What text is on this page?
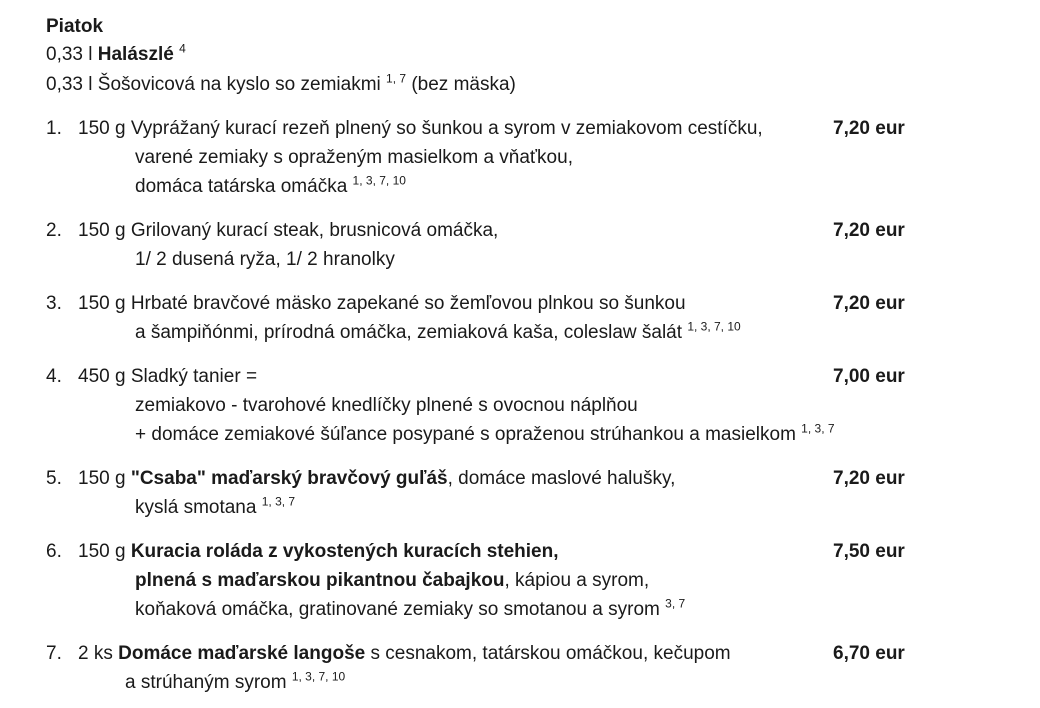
Piatok
0,33 l Halászlé $^4$
0,33 l Šošovicová na kyslo so zemiakmi $^{1, 7}$ (bez mäska)
1. 150 g Vyprážaný kurací rezeň plnený so šunkou a syrom v zemiakovom cestíčku,	7,20 eur
varené zemiaky s opraženým masielkom a vňaťkou,
domáca tatárska omáčka $^{1, 3, 7, 10}$
2. 150 g Grilovaný kurací steak, brusnicová omáčka,	7,20 eur
1/ 2 dusená ryža, 1/ 2 hranolky
3. 150 g Hrbaté bravčové mäsko zapekané so žemľovou plnkou so šunkou	7,20 eur
a šampiňónmi, prírodná omáčka, zemiaková kaša, coleslaw šalát $^{1, 3, 7, 10}$
4. 450 g Sladký tanier =	7,00 eur
zemiakovo - tvarohové knedlíčky plnené s ovocnou náplňou
+ domáce zemiakové šúľance posypané s opraženou strúhankou a masielkom $^{1, 3, 7}$
5. 150 g "Csaba" maďarský bravčový guľáš, domáce maslové halušky,	7,20 eur
kyslá smotana $^{1, 3, 7}$
6. 150 g Kuracia roláda z vykostených kuracích stehien,	7,50 eur
plnená s maďarskou pikantnou čabajkou, kápiou a syrom,
koňaková omáčka, gratinované zemiaky so smotanou a syrom $^{3, 7}$
7. 2 ks Domáce maďarské langoše s cesnakom, tatárskou omáčkou, kečupom	6,70 eur
a strúhaným syrom $^{1, 3, 7, 10}$
